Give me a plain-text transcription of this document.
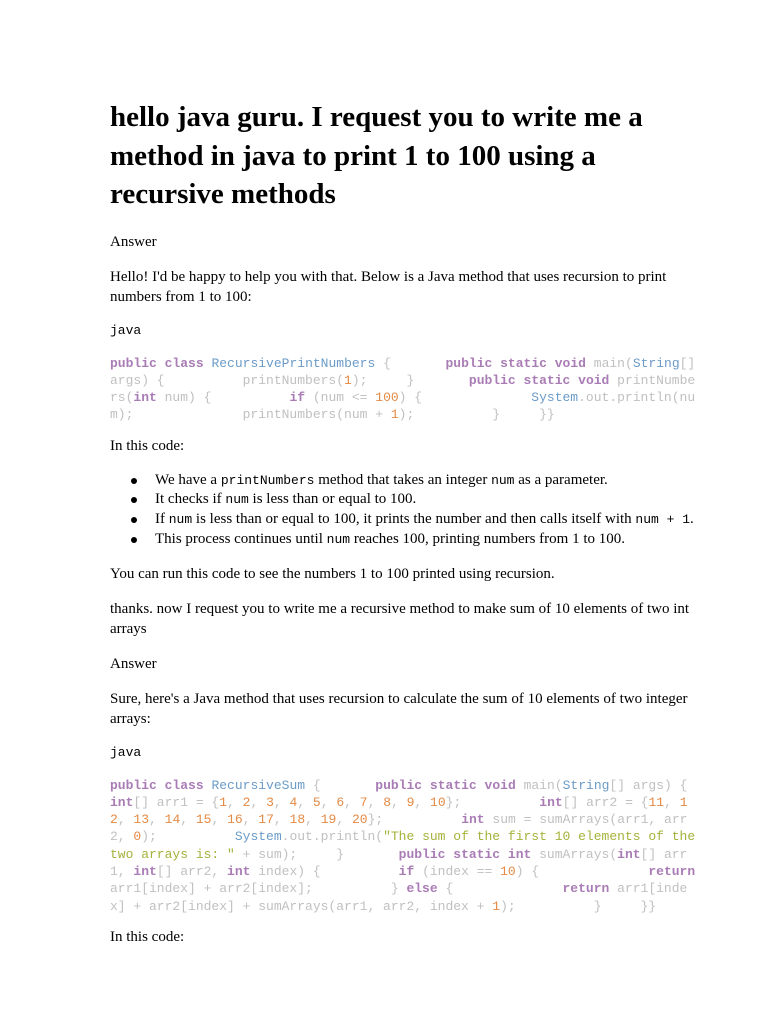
hello java guru. I request you to write me a method in java to print 1 to 100 using a recursive methods

Answer

Hello! I'd be happy to help you with that. Below is a Java method that uses recursion to print numbers from 1 to 100:

java
public class RecursivePrintNumbers {       public static void main(String[] args) {          printNumbers(1);     }       public static void printNumbers(int num) {          if (num <= 100) {              System.out.println(num);              printNumbers(num + 1);          }     }}

In this code:

We have a printNumbers method that takes an integer num as a parameter.
It checks if num is less than or equal to 100.
If num is less than or equal to 100, it prints the number and then calls itself with num + 1.
This process continues until num reaches 100, printing numbers from 1 to 100.

You can run this code to see the numbers 1 to 100 printed using recursion.

thanks. now I request you to write me a recursive method to make sum of 10 elements of two int arrays

Answer

Sure, here's a Java method that uses recursion to calculate the sum of 10 elements of two integer arrays:

java
public class RecursiveSum {       public static void main(String[] args) {          int[] arr1 = {1, 2, 3, 4, 5, 6, 7, 8, 9, 10};          int[] arr2 = {11, 12, 13, 14, 15, 16, 17, 18, 19, 20};          int sum = sumArrays(arr1, arr2, 0);          System.out.println("The sum of the first 10 elements of the two arrays is: " + sum);     }       public static int sumArrays(int[] arr1, int[] arr2, int index) {          if (index == 10) {              return arr1[index] + arr2[index];          } else {              return arr1[index] + arr2[index] + sumArrays(arr1, arr2, index + 1);          }     }}

In this code:
